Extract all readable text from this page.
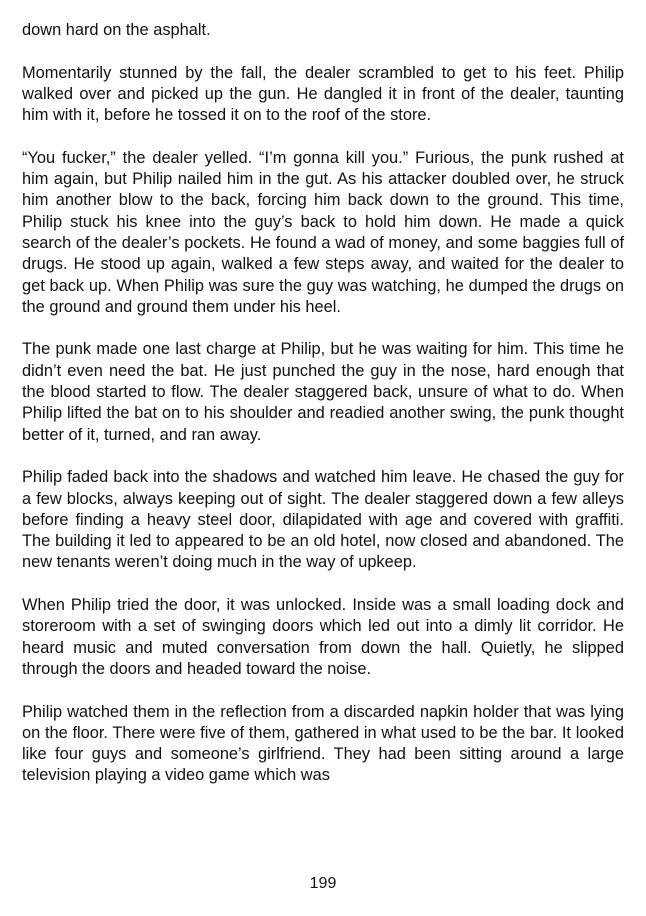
down hard on the asphalt.

Momentarily stunned by the fall, the dealer scrambled to get to his feet. Philip walked over and picked up the gun. He dangled it in front of the dealer, taunting him with it, before he tossed it on to the roof of the store.

“You fucker,” the dealer yelled. “I’m gonna kill you.” Furious, the punk rushed at him again, but Philip nailed him in the gut. As his attacker doubled over, he struck him another blow to the back, forcing him back down to the ground. This time, Philip stuck his knee into the guy’s back to hold him down. He made a quick search of the dealer’s pockets. He found a wad of money, and some baggies full of drugs. He stood up again, walked a few steps away, and waited for the dealer to get back up. When Philip was sure the guy was watching, he dumped the drugs on the ground and ground them under his heel.

The punk made one last charge at Philip, but he was waiting for him. This time he didn’t even need the bat. He just punched the guy in the nose, hard enough that the blood started to flow. The dealer staggered back, unsure of what to do. When Philip lifted the bat on to his shoulder and readied another swing, the punk thought better of it, turned, and ran away.

Philip faded back into the shadows and watched him leave. He chased the guy for a few blocks, always keeping out of sight. The dealer staggered down a few alleys before finding a heavy steel door, dilapidated with age and covered with graffiti. The building it led to appeared to be an old hotel, now closed and abandoned. The new tenants weren’t doing much in the way of upkeep.

When Philip tried the door, it was unlocked. Inside was a small loading dock and storeroom with a set of swinging doors which led out into a dimly lit corridor. He heard music and muted conversation from down the hall. Quietly, he slipped through the doors and headed toward the noise.

Philip watched them in the reflection from a discarded napkin holder that was lying on the floor. There were five of them, gathered in what used to be the bar. It looked like four guys and someone’s girlfriend. They had been sitting around a large television playing a video game which was

199
